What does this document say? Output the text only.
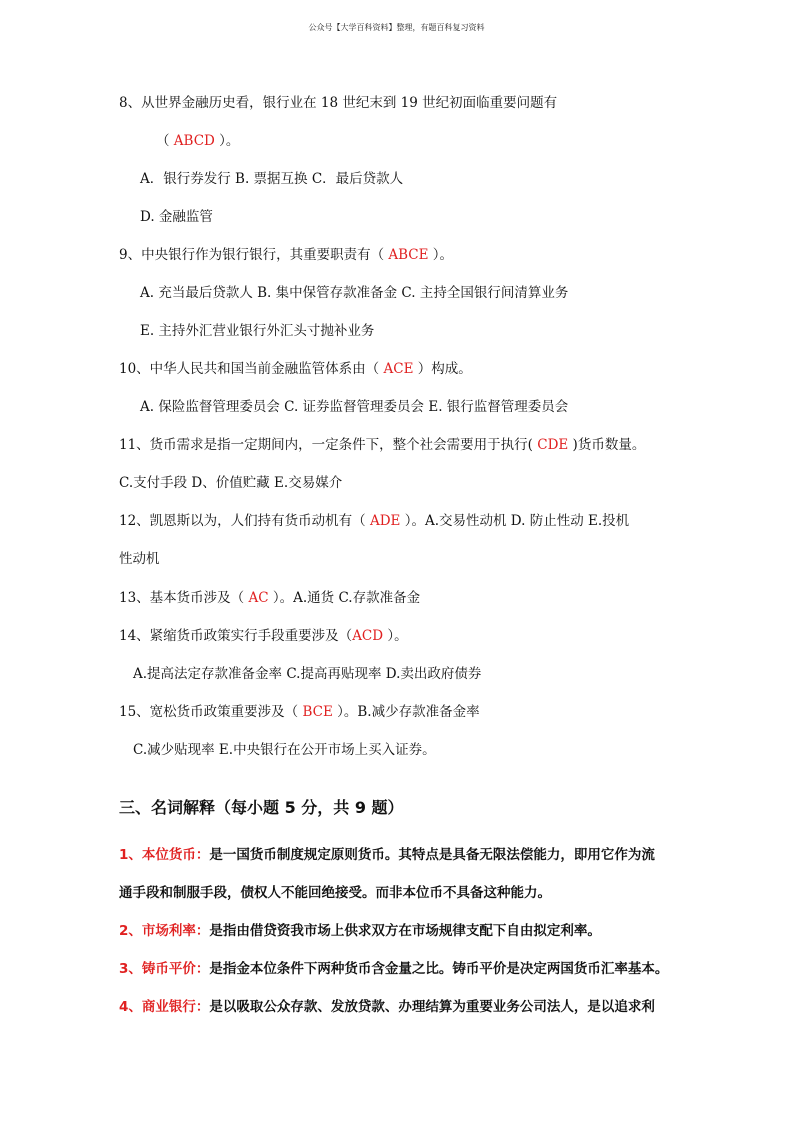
公众号【大学百科资料】整理，有题百科复习资料
8、从世界金融历史看，银行业在 18 世纪末到 19 世纪初面临重要问题有
（ ABCD ）。
A．银行券发行 B. 票据互换 C．最后贷款人
D. 金融监管
9、中央银行作为银行银行，其重要职责有（ ABCE ）。
A. 充当最后贷款人 B. 集中保管存款准备金 C. 主持全国银行间清算业务
E. 主持外汇营业银行外汇头寸抛补业务
10、中华人民共和国当前金融监管体系由（ ACE ）构成。
A. 保险监督管理委员会 C. 证券监督管理委员会 E. 银行监督管理委员会
11、货币需求是指一定期间内，一定条件下，整个社会需要用于执行( CDE )货币数量。
C.支付手段 D、价值贮藏 E.交易媒介
12、凯恩斯以为，人们持有货币动机有（ ADE ）。A.交易性动机 D. 防止性动 E.投机
性动机
13、基本货币涉及（ AC ）。A.通货 C.存款准备金
14、紧缩货币政策实行手段重要涉及（ACD ）。
A.提高法定存款准备金率 C.提高再贴现率 D.卖出政府债券
15、宽松货币政策重要涉及（ BCE ）。B.减少存款准备金率
C.减少贴现率 E.中央银行在公开市场上买入证券。
三、名词解释（每小题 5 分，共 9 题）
1、本位货币：是一国货币制度规定原则货币。其特点是具备无限法偿能力，即用它作为流
通手段和制服手段，债权人不能回绝接受。而非本位币不具备这种能力。
2、市场利率：是指由借贷资我市场上供求双方在市场规律支配下自由拟定利率。
3、铸币平价：是指金本位条件下两种货币含金量之比。铸币平价是决定两国货币汇率基本。
4、商业银行：是以吸取公众存款、发放贷款、办理结算为重要业务公司法人，是以追求利
